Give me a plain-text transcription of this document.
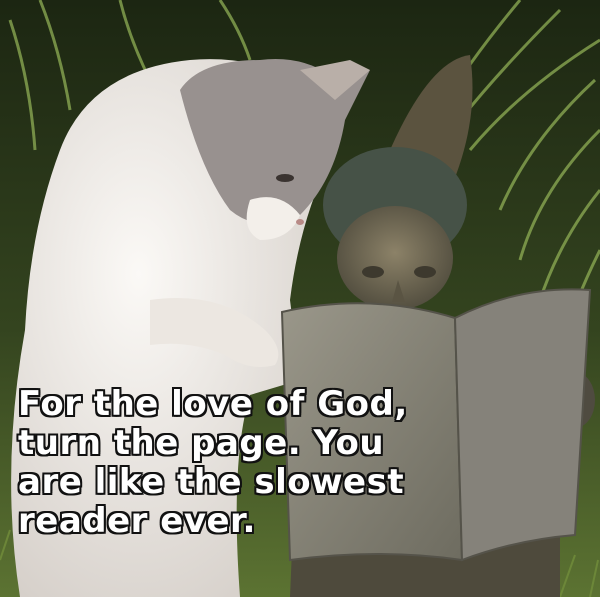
For the love of God,
turn the page. You
are like the slowest
reader ever.
